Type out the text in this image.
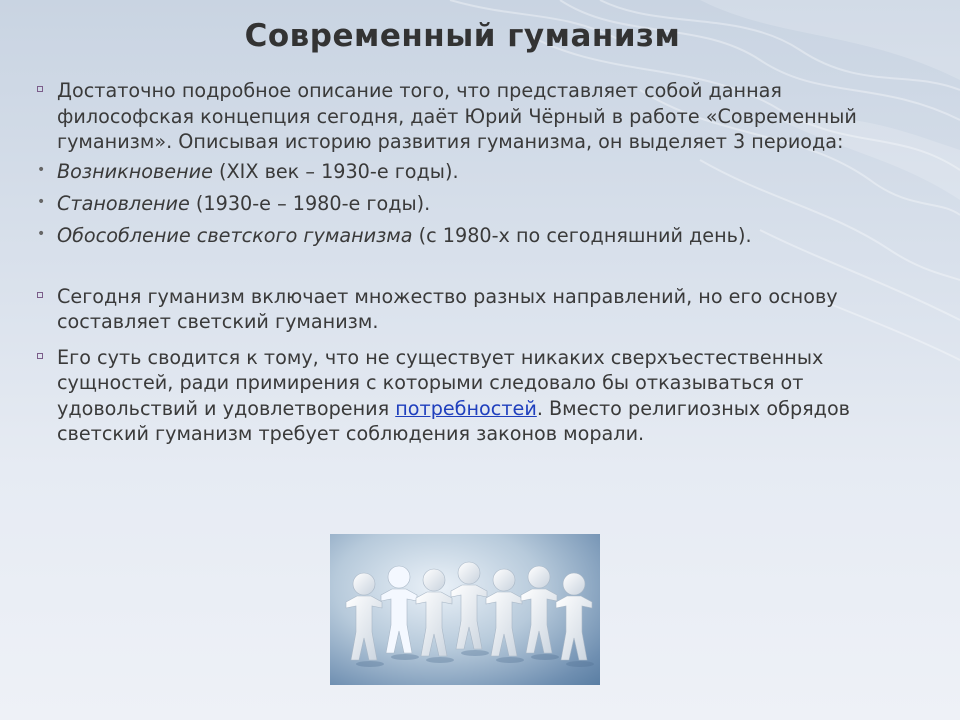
Современный гуманизм

Достаточно подробное описание того, что представляет собой данная философская концепция сегодня, даёт Юрий Чёрный в работе «Современный гуманизм». Описывая историю развития гуманизма, он выделяет 3 периода:

• Возникновение (XIX век – 1930-е годы).

• Становление (1930-е – 1980-е годы).

• Обособление светского гуманизма (с 1980-х по сегодняшний день).

Сегодня гуманизм включает множество разных направлений, но его основу составляет светский гуманизм.

Его суть сводится к тому, что не существует никаких сверхъестественных сущностей, ради примирения с которыми следовало бы отказываться от удовольствий и удовлетворения потребностей. Вместо религиозных обрядов светский гуманизм требует соблюдения законов морали.
